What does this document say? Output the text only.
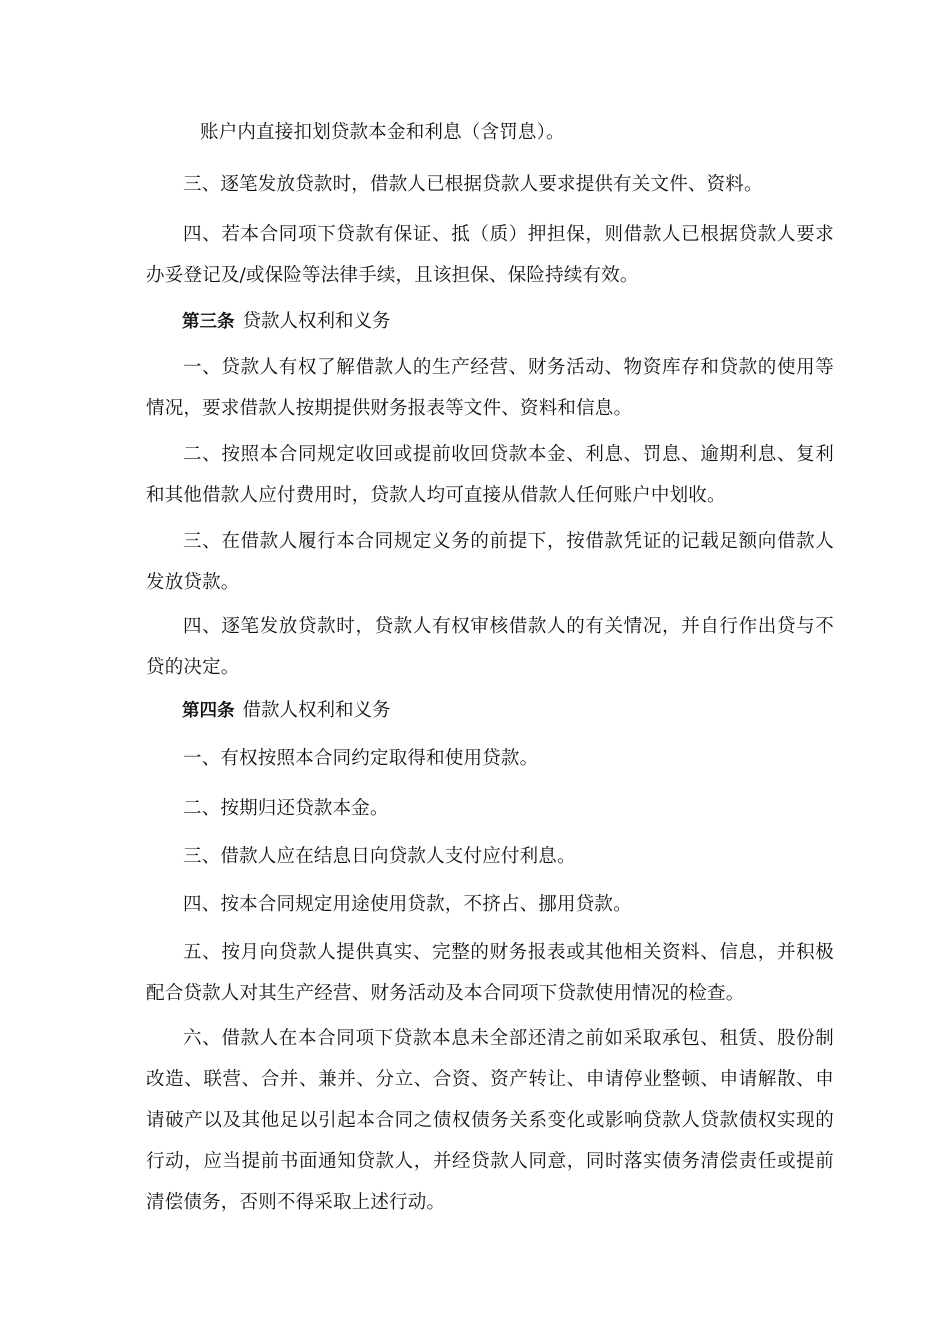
账户内直接扣划贷款本金和利息（含罚息）。

三、逐笔发放贷款时，借款人已根据贷款人要求提供有关文件、资料。

四、若本合同项下贷款有保证、抵（质）押担保，则借款人已根据贷款人要求办妥登记及/或保险等法律手续，且该担保、保险持续有效。

第三条 贷款人权利和义务

一、贷款人有权了解借款人的生产经营、财务活动、物资库存和贷款的使用等情况，要求借款人按期提供财务报表等文件、资料和信息。

二、按照本合同规定收回或提前收回贷款本金、利息、罚息、逾期利息、复利和其他借款人应付费用时，贷款人均可直接从借款人任何账户中划收。

三、在借款人履行本合同规定义务的前提下，按借款凭证的记载足额向借款人发放贷款。

四、逐笔发放贷款时，贷款人有权审核借款人的有关情况，并自行作出贷与不贷的决定。

第四条 借款人权利和义务

一、有权按照本合同约定取得和使用贷款。

二、按期归还贷款本金。

三、借款人应在结息日向贷款人支付应付利息。

四、按本合同规定用途使用贷款，不挤占、挪用贷款。

五、按月向贷款人提供真实、完整的财务报表或其他相关资料、信息，并积极配合贷款人对其生产经营、财务活动及本合同项下贷款使用情况的检查。

六、借款人在本合同项下贷款本息未全部还清之前如采取承包、租赁、股份制改造、联营、合并、兼并、分立、合资、资产转让、申请停业整顿、申请解散、申请破产以及其他足以引起本合同之债权债务关系变化或影响贷款人贷款债权实现的行动，应当提前书面通知贷款人，并经贷款人同意，同时落实债务清偿责任或提前清偿债务，否则不得采取上述行动。
